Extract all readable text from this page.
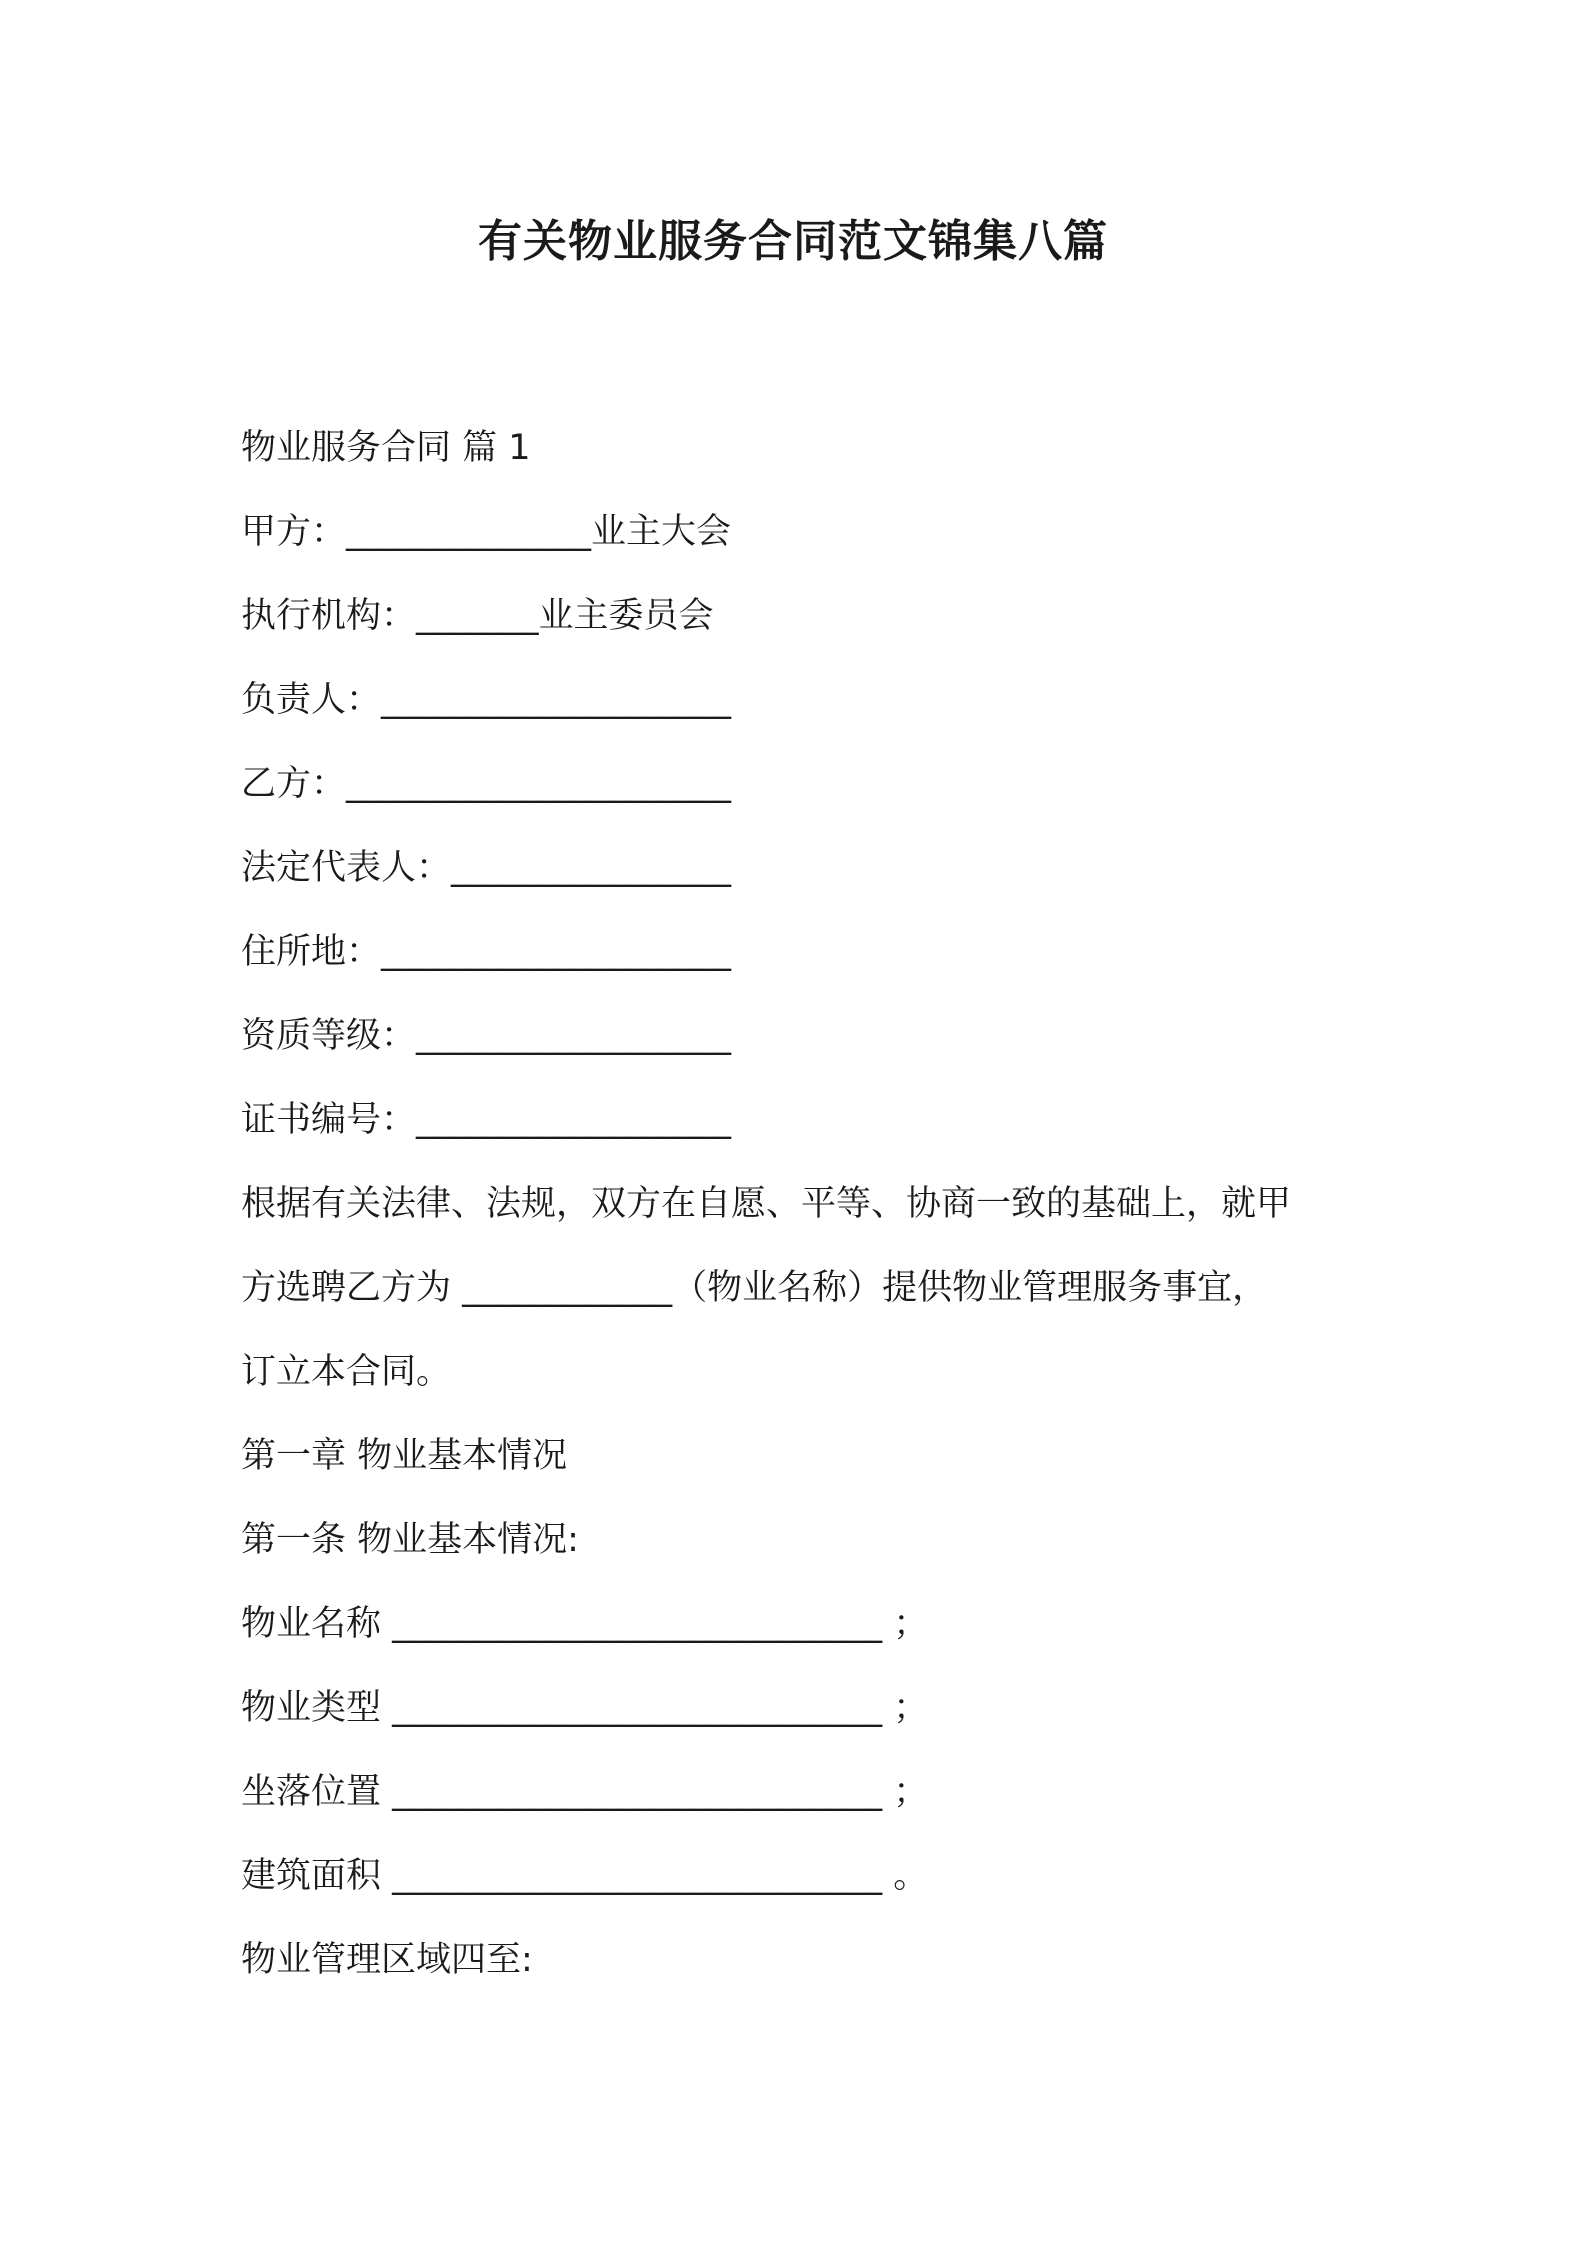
有关物业服务合同范文锦集八篇
物业服务合同 篇 1
甲方：______________业主大会
执行机构：_______业主委员会
负责人：____________________
乙方：______________________
法定代表人：________________
住所地：____________________
资质等级：__________________
证书编号：__________________
根据有关法律、法规，双方在自愿、平等、协商一致的基础上，就甲
方选聘乙方为 ____________（物业名称）提供物业管理服务事宜，
订立本合同。
第一章 物业基本情况
第一条 物业基本情况:
物业名称 ____________________________ ；
物业类型 ____________________________ ；
坐落位置 ____________________________ ；
建筑面积 ____________________________ 。
物业管理区域四至:
